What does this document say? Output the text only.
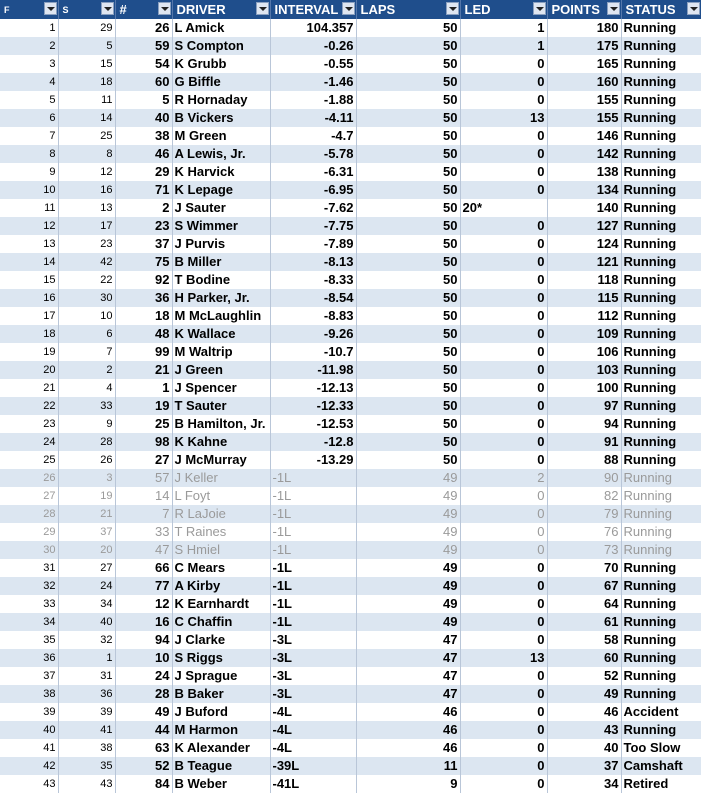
F	S	#	DRIVER	INTERVAL	LAPS	LED	POINTS	STATUS

1	29	26	L Amick	104.357	50	1	180	Running
2	5	59	S Compton	-0.26	50	1	175	Running
3	15	54	K Grubb	-0.55	50	0	165	Running
4	18	60	G Biffle	-1.46	50	0	160	Running
5	11	5	R Hornaday	-1.88	50	0	155	Running
6	14	40	B Vickers	-4.11	50	13	155	Running
7	25	38	M Green	-4.7	50	0	146	Running
8	8	46	A Lewis, Jr.	-5.78	50	0	142	Running
9	12	29	K Harvick	-6.31	50	0	138	Running
10	16	71	K Lepage	-6.95	50	0	134	Running
11	13	2	J Sauter	-7.62	50	20*	140	Running
12	17	23	S Wimmer	-7.75	50	0	127	Running
13	23	37	J Purvis	-7.89	50	0	124	Running
14	42	75	B Miller	-8.13	50	0	121	Running
15	22	92	T Bodine	-8.33	50	0	118	Running
16	30	36	H Parker, Jr.	-8.54	50	0	115	Running
17	10	18	M McLaughlin	-8.83	50	0	112	Running
18	6	48	K Wallace	-9.26	50	0	109	Running
19	7	99	M Waltrip	-10.7	50	0	106	Running
20	2	21	J Green	-11.98	50	0	103	Running
21	4	1	J Spencer	-12.13	50	0	100	Running
22	33	19	T Sauter	-12.33	50	0	97	Running
23	9	25	B Hamilton, Jr.	-12.53	50	0	94	Running
24	28	98	K Kahne	-12.8	50	0	91	Running
25	26	27	J McMurray	-13.29	50	0	88	Running
26	3	57	J Keller	-1L	49	2	90	Running
27	19	14	L Foyt	-1L	49	0	82	Running
28	21	7	R LaJoie	-1L	49	0	79	Running
29	37	33	T Raines	-1L	49	0	76	Running
30	20	47	S Hmiel	-1L	49	0	73	Running
31	27	66	C Mears	-1L	49	0	70	Running
32	24	77	A Kirby	-1L	49	0	67	Running
33	34	12	K Earnhardt	-1L	49	0	64	Running
34	40	16	C Chaffin	-1L	49	0	61	Running
35	32	94	J Clarke	-3L	47	0	58	Running
36	1	10	S Riggs	-3L	47	13	60	Running
37	31	24	J Sprague	-3L	47	0	52	Running
38	36	28	B Baker	-3L	47	0	49	Running
39	39	49	J Buford	-4L	46	0	46	Accident
40	41	44	M Harmon	-4L	46	0	43	Running
41	38	63	K Alexander	-4L	46	0	40	Too Slow
42	35	52	B Teague	-39L	11	0	37	Camshaft
43	43	84	B Weber	-41L	9	0	34	Retired
